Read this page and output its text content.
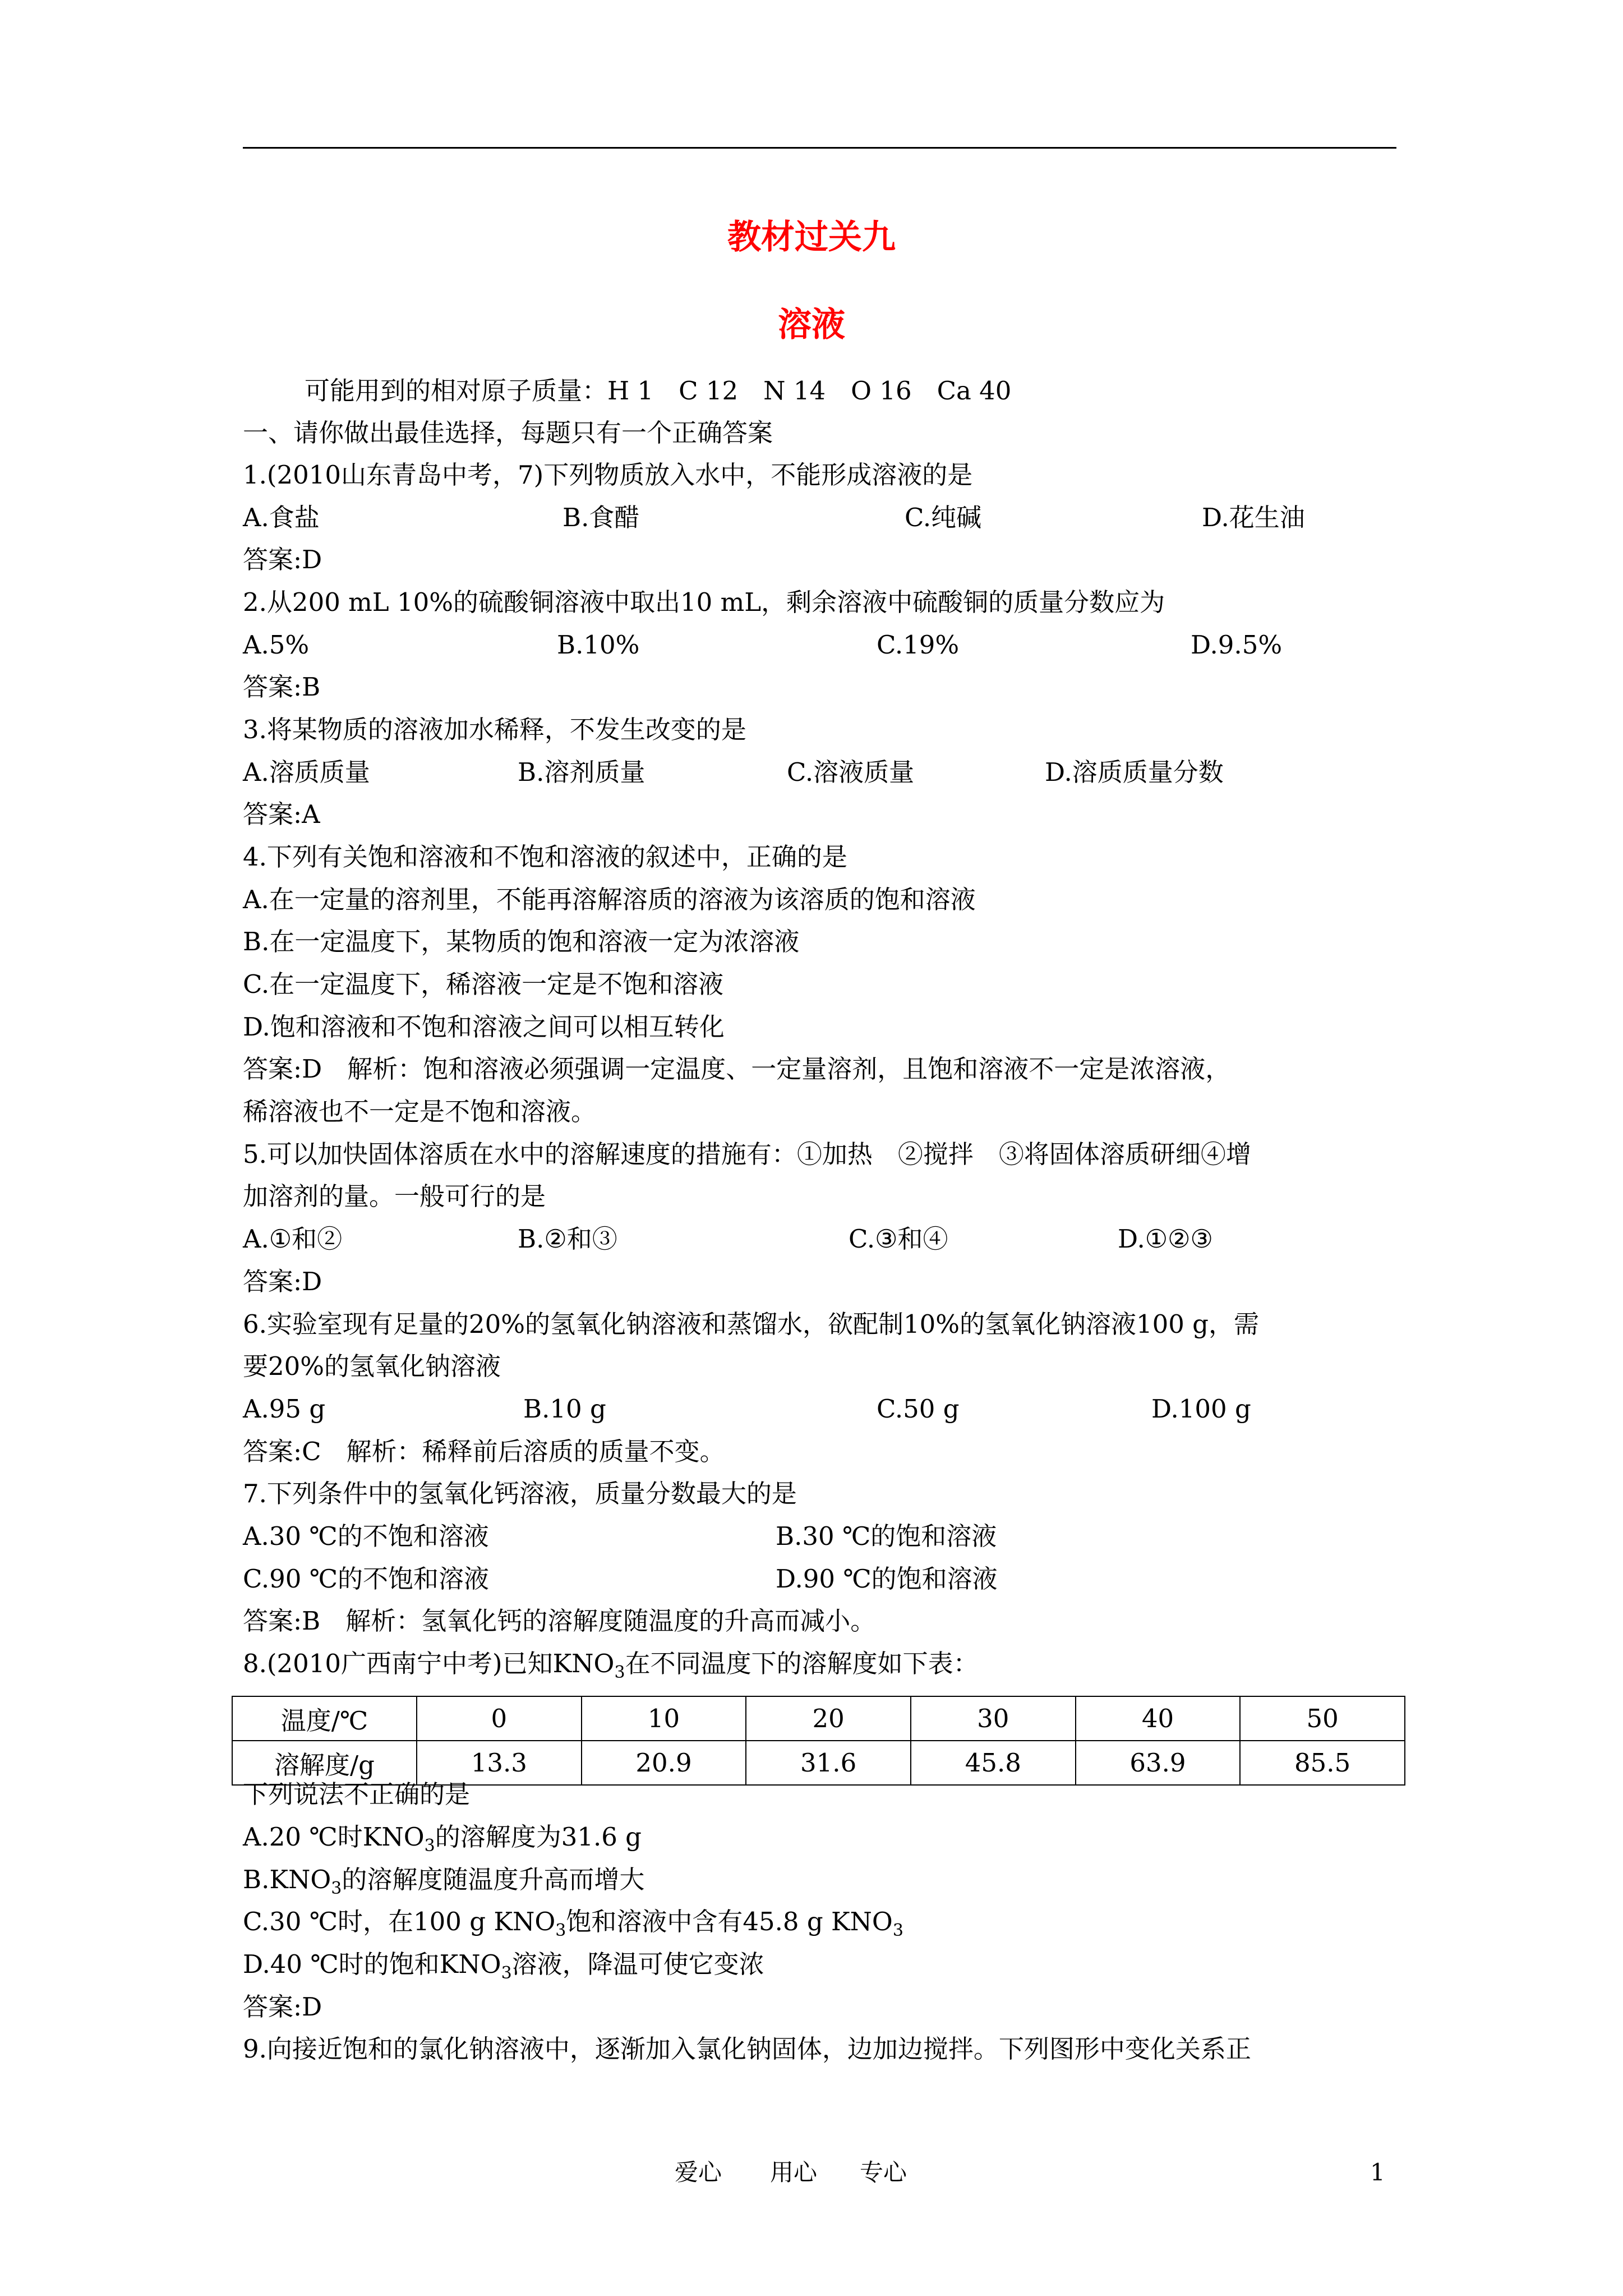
教材过关九
溶液
可能用到的相对原子质量：H 1　C 12　N 14　O 16　Ca 40
一、请你做出最佳选择，每题只有一个正确答案
1.(2010山东青岛中考，7)下列物质放入水中，不能形成溶液的是
A.食盐	B.食醋	C.纯碱	D.花生油
答案:D
2.从200 mL 10%的硫酸铜溶液中取出10 mL，剩余溶液中硫酸铜的质量分数应为
A.5%	B.10%	C.19%	D.9.5%
答案:B
3.将某物质的溶液加水稀释，不发生改变的是
A.溶质质量	B.溶剂质量	C.溶液质量	D.溶质质量分数
答案:A
4.下列有关饱和溶液和不饱和溶液的叙述中，正确的是
A.在一定量的溶剂里，不能再溶解溶质的溶液为该溶质的饱和溶液
B.在一定温度下，某物质的饱和溶液一定为浓溶液
C.在一定温度下，稀溶液一定是不饱和溶液
D.饱和溶液和不饱和溶液之间可以相互转化
答案:D　解析：饱和溶液必须强调一定温度、一定量溶剂，且饱和溶液不一定是浓溶液，
稀溶液也不一定是不饱和溶液。
5.可以加快固体溶质在水中的溶解速度的措施有：①加热　②搅拌　③将固体溶质研细④增
加溶剂的量。一般可行的是
A.①和②	B.②和③	C.③和④	D.①②③
答案:D
6.实验室现有足量的20%的氢氧化钠溶液和蒸馏水，欲配制10%的氢氧化钠溶液100 g，需
要20%的氢氧化钠溶液
A.95 g	B.10 g	C.50 g	D.100 g
答案:C　解析：稀释前后溶质的质量不变。
7.下列条件中的氢氧化钙溶液，质量分数最大的是
A.30 ℃的不饱和溶液	B.30 ℃的饱和溶液
C.90 ℃的不饱和溶液	D.90 ℃的饱和溶液
答案:B　解析：氢氧化钙的溶解度随温度的升高而减小。
8.(2010广西南宁中考)已知$KNO_3$在不同温度下的溶解度如下表：
温度/℃	0	10	20	30	40	50
溶解度/g	13.3	20.9	31.6	45.8	63.9	85.5
下列说法不正确的是
A.20 ℃时$KNO_3$的溶解度为31.6 g
$B.KNO_3$的溶解度随温度升高而增大
C.30 ℃时，在100 g $KNO_3$饱和溶液中含有45.8 g $KNO_3$
D.40 ℃时的饱和$KNO_3$溶液，降温可使它变浓
答案:D
9.向接近饱和的氯化钠溶液中，逐渐加入氯化钠固体，边加边搅拌。下列图形中变化关系正
爱心 用心 专心	1
